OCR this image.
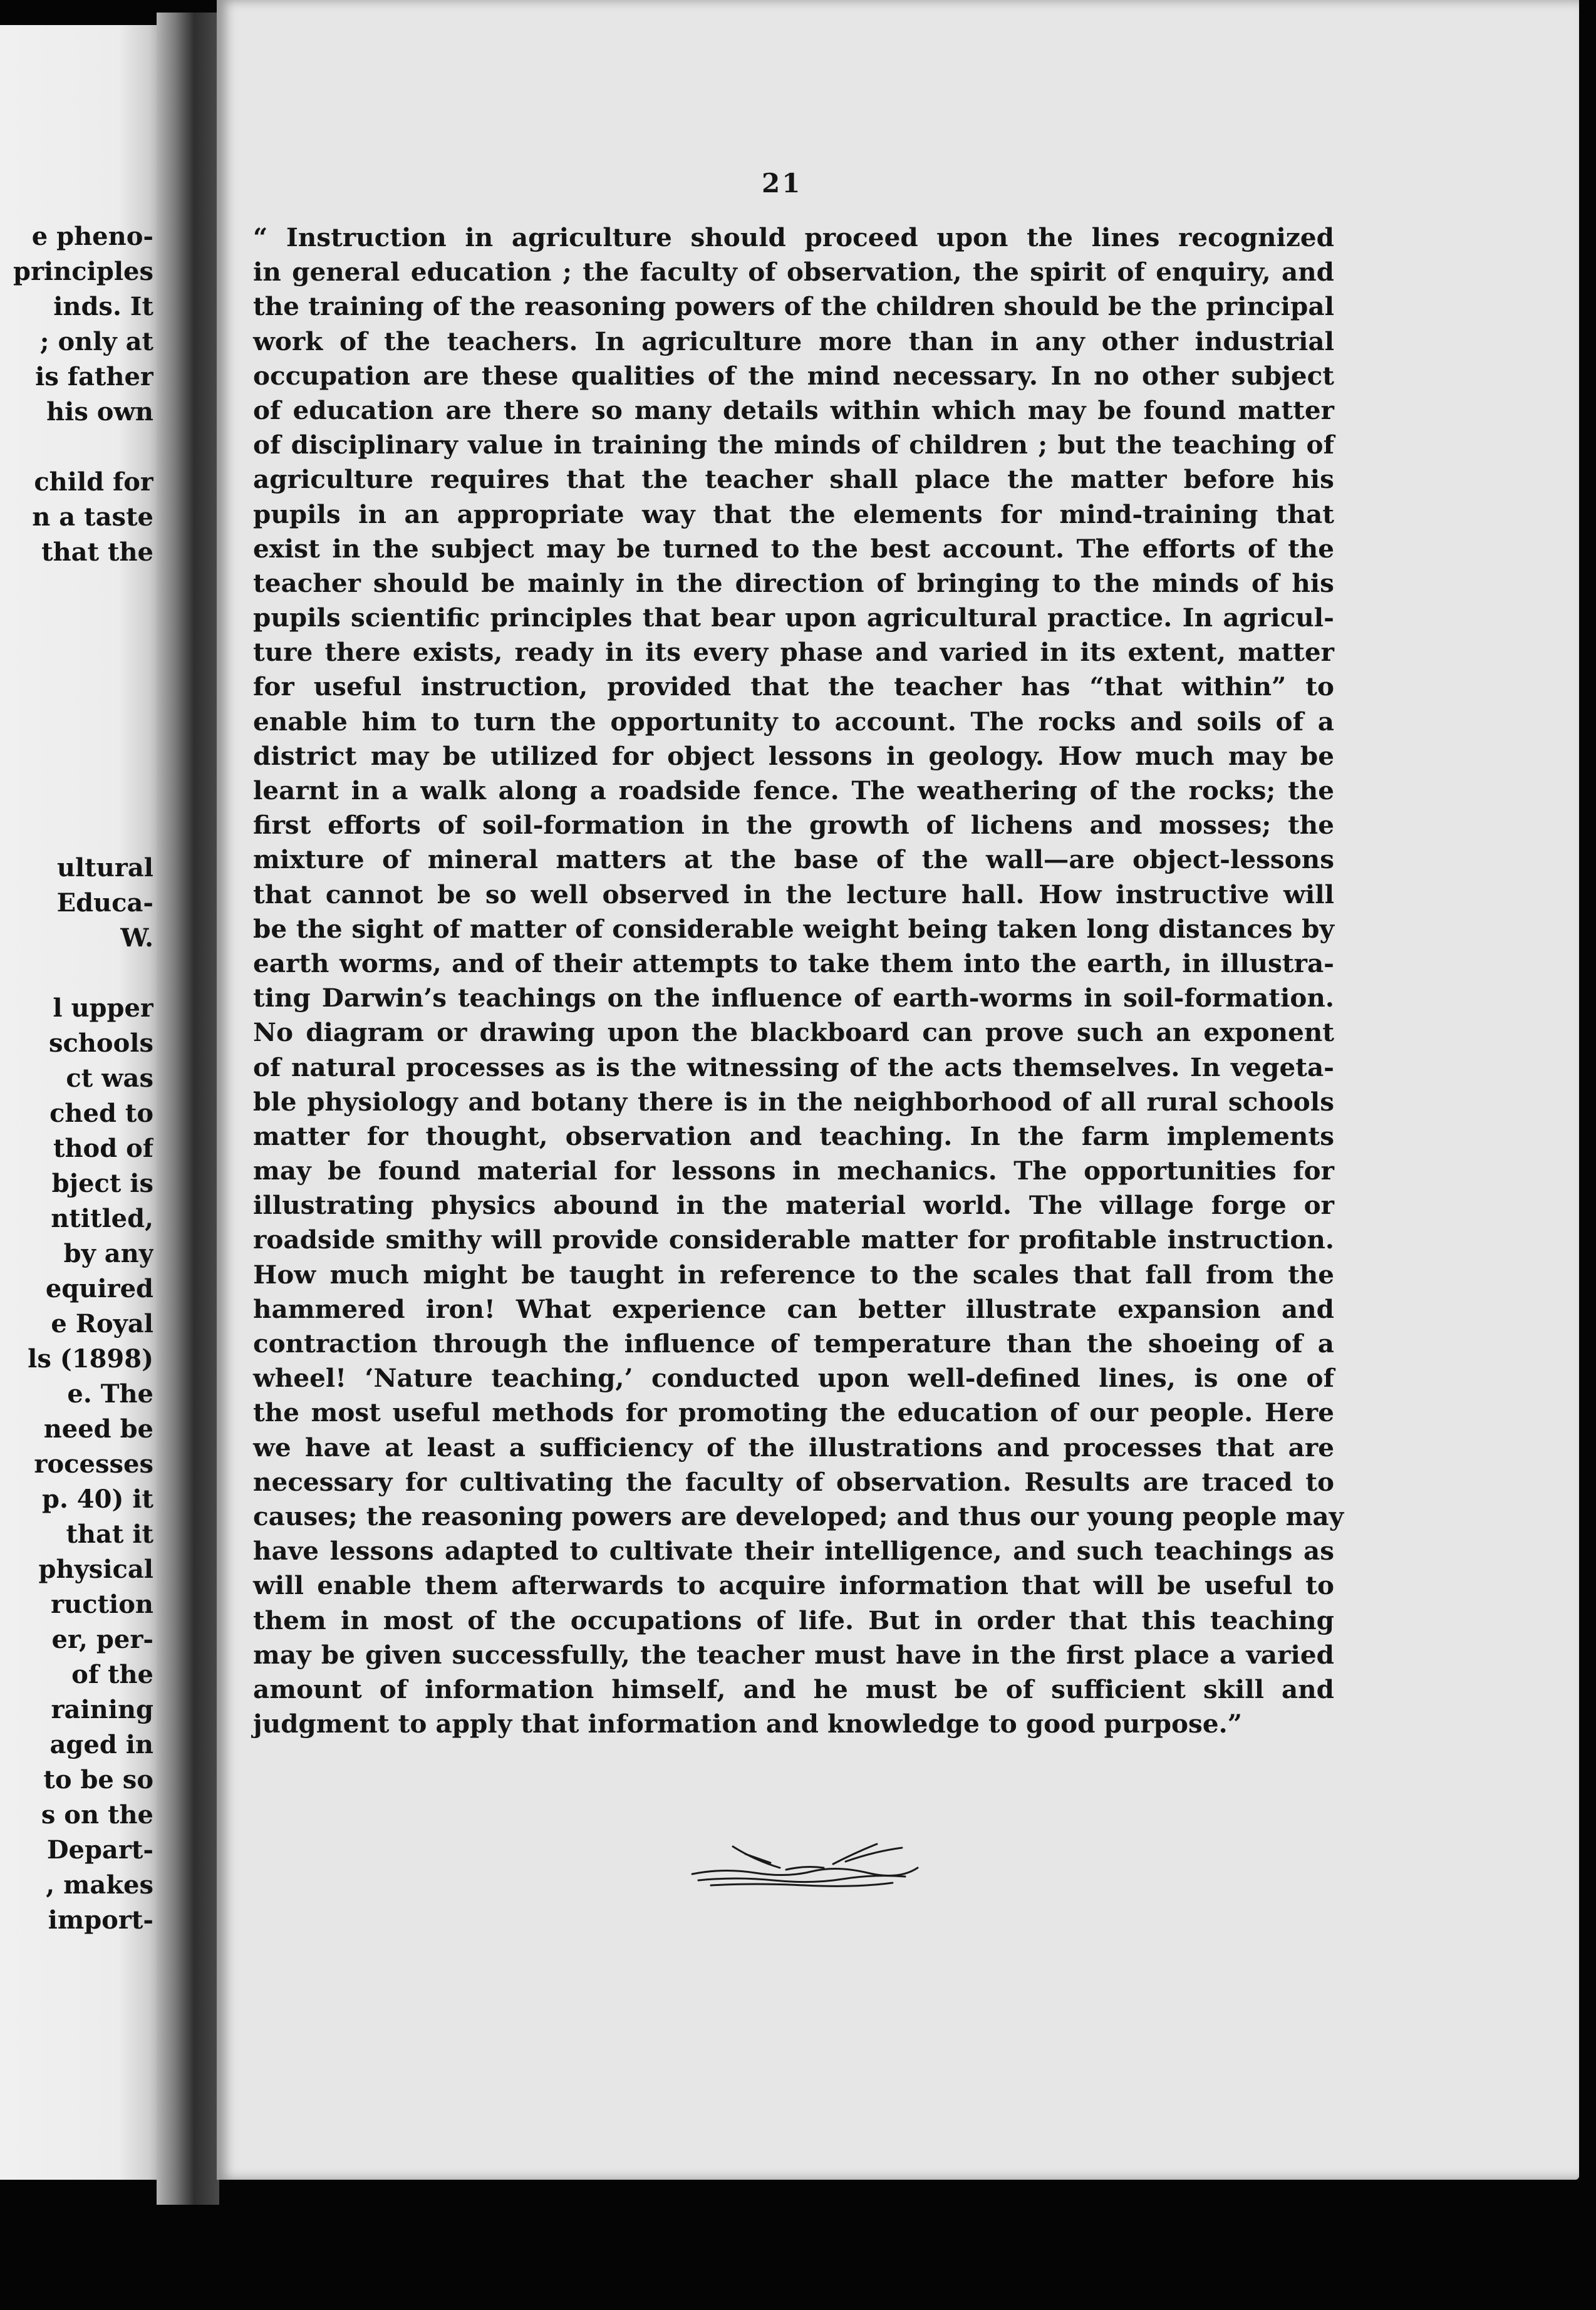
e pheno-
principles
inds. It
; only at
is father
his own
child for
n a taste
that the
ultural
Educa-
W.
l upper
schools
ct was
ched to
thod of
bject is
ntitled,
by any
equired
e Royal
ls (1898)
e. The
need be
rocesses
p. 40) it
that it
physical
ruction
er, per-
of the
raining
aged in
to be so
s on the
Depart-
, makes
import-
21
“ Instruction in agriculture should proceed upon the lines recognized
in general education ; the faculty of observation, the spirit of enquiry, and
the training of the reasoning powers of the children should be the principal
work of the teachers. In agriculture more than in any other industrial
occupation are these qualities of the mind necessary. In no other subject
of education are there so many details within which may be found matter
of disciplinary value in training the minds of children ; but the teaching of
agriculture requires that the teacher shall place the matter before his
pupils in an appropriate way that the elements for mind-training that
exist in the subject may be turned to the best account. The efforts of the
teacher should be mainly in the direction of bringing to the minds of his
pupils scientific principles that bear upon agricultural practice. In agricul-
ture there exists, ready in its every phase and varied in its extent, matter
for useful instruction, provided that the teacher has “that within” to
enable him to turn the opportunity to account. The rocks and soils of a
district may be utilized for object lessons in geology. How much may be
learnt in a walk along a roadside fence. The weathering of the rocks; the
first efforts of soil-formation in the growth of lichens and mosses; the
mixture of mineral matters at the base of the wall—are object-lessons
that cannot be so well observed in the lecture hall. How instructive will
be the sight of matter of considerable weight being taken long distances by
earth worms, and of their attempts to take them into the earth, in illustra-
ting Darwin’s teachings on the influence of earth-worms in soil-formation.
No diagram or drawing upon the blackboard can prove such an exponent
of natural processes as is the witnessing of the acts themselves. In vegeta-
ble physiology and botany there is in the neighborhood of all rural schools
matter for thought, observation and teaching. In the farm implements
may be found material for lessons in mechanics. The opportunities for
illustrating physics abound in the material world. The village forge or
roadside smithy will provide considerable matter for profitable instruction.
How much might be taught in reference to the scales that fall from the
hammered iron! What experience can better illustrate expansion and
contraction through the influence of temperature than the shoeing of a
wheel! ‘Nature teaching,’ conducted upon well-defined lines, is one of
the most useful methods for promoting the education of our people. Here
we have at least a sufficiency of the illustrations and processes that are
necessary for cultivating the faculty of observation. Results are traced to
causes; the reasoning powers are developed; and thus our young people may
have lessons adapted to cultivate their intelligence, and such teachings as
will enable them afterwards to acquire information that will be useful to
them in most of the occupations of life. But in order that this teaching
may be given successfully, the teacher must have in the first place a varied
amount of information himself, and he must be of sufficient skill and
judgment to apply that information and knowledge to good purpose.”
